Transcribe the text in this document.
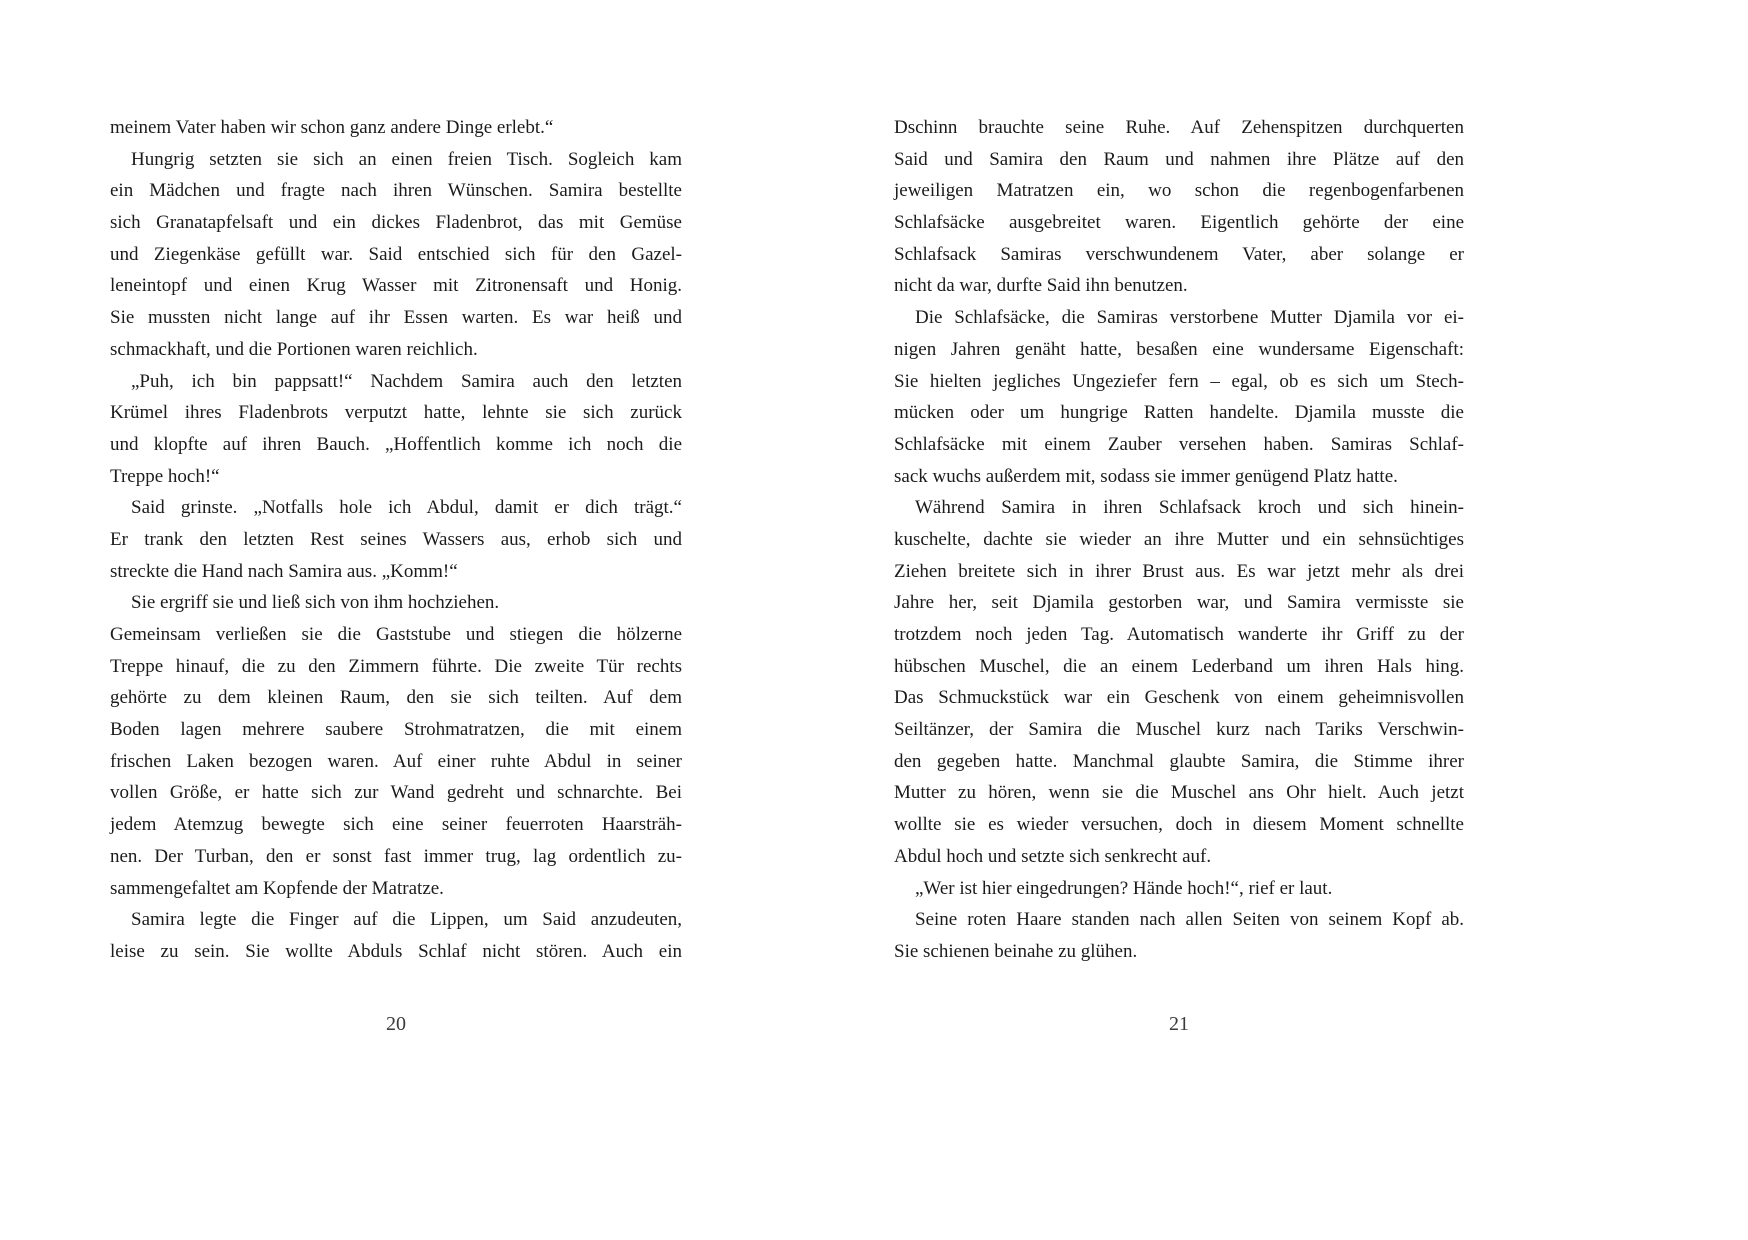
meinem Vater haben wir schon ganz andere Dinge erlebt.“
Hungrig setzten sie sich an einen freien Tisch. Sogleich kam
ein Mädchen und fragte nach ihren Wünschen. Samira bestellte
sich Granatapfelsaft und ein dickes Fladenbrot, das mit Gemüse
und Ziegenkäse gefüllt war. Said entschied sich für den Gazel-
leneintopf und einen Krug Wasser mit Zitronensaft und Honig.
Sie mussten nicht lange auf ihr Essen warten. Es war heiß und
schmackhaft, und die Portionen waren reichlich.
„Puh, ich bin pappsatt!“ Nachdem Samira auch den letzten
Krümel ihres Fladenbrots verputzt hatte, lehnte sie sich zurück
und klopfte auf ihren Bauch. „Hoffentlich komme ich noch die
Treppe hoch!“
Said grinste. „Notfalls hole ich Abdul, damit er dich trägt.“
Er trank den letzten Rest seines Wassers aus, erhob sich und
streckte die Hand nach Samira aus. „Komm!“
Sie ergriff sie und ließ sich von ihm hochziehen.
Gemeinsam verließen sie die Gaststube und stiegen die hölzerne
Treppe hinauf, die zu den Zimmern führte. Die zweite Tür rechts
gehörte zu dem kleinen Raum, den sie sich teilten. Auf dem
Boden lagen mehrere saubere Strohmatratzen, die mit einem
frischen Laken bezogen waren. Auf einer ruhte Abdul in seiner
vollen Größe, er hatte sich zur Wand gedreht und schnarchte. Bei
jedem Atemzug bewegte sich eine seiner feuerroten Haarsträh-
nen. Der Turban, den er sonst fast immer trug, lag ordentlich zu-
sammengefaltet am Kopfende der Matratze.
Samira legte die Finger auf die Lippen, um Said anzudeuten,
leise zu sein. Sie wollte Abduls Schlaf nicht stören. Auch ein
20
Dschinn brauchte seine Ruhe. Auf Zehenspitzen durchquerten
Said und Samira den Raum und nahmen ihre Plätze auf den
jeweiligen Matratzen ein, wo schon die regenbogenfarbenen
Schlafsäcke ausgebreitet waren. Eigentlich gehörte der eine
Schlafsack Samiras verschwundenem Vater, aber solange er
nicht da war, durfte Said ihn benutzen.
Die Schlafsäcke, die Samiras verstorbene Mutter Djamila vor ei-
nigen Jahren genäht hatte, besaßen eine wundersame Eigenschaft:
Sie hielten jegliches Ungeziefer fern – egal, ob es sich um Stech-
mücken oder um hungrige Ratten handelte. Djamila musste die
Schlafsäcke mit einem Zauber versehen haben. Samiras Schlaf-
sack wuchs außerdem mit, sodass sie immer genügend Platz hatte.
Während Samira in ihren Schlafsack kroch und sich hinein-
kuschelte, dachte sie wieder an ihre Mutter und ein sehnsüchtiges
Ziehen breitete sich in ihrer Brust aus. Es war jetzt mehr als drei
Jahre her, seit Djamila gestorben war, und Samira vermisste sie
trotzdem noch jeden Tag. Automatisch wanderte ihr Griff zu der
hübschen Muschel, die an einem Lederband um ihren Hals hing.
Das Schmuckstück war ein Geschenk von einem geheimnisvollen
Seiltänzer, der Samira die Muschel kurz nach Tariks Verschwin-
den gegeben hatte. Manchmal glaubte Samira, die Stimme ihrer
Mutter zu hören, wenn sie die Muschel ans Ohr hielt. Auch jetzt
wollte sie es wieder versuchen, doch in diesem Moment schnellte
Abdul hoch und setzte sich senkrecht auf.
„Wer ist hier eingedrungen? Hände hoch!“, rief er laut.
Seine roten Haare standen nach allen Seiten von seinem Kopf ab.
Sie schienen beinahe zu glühen.
21
